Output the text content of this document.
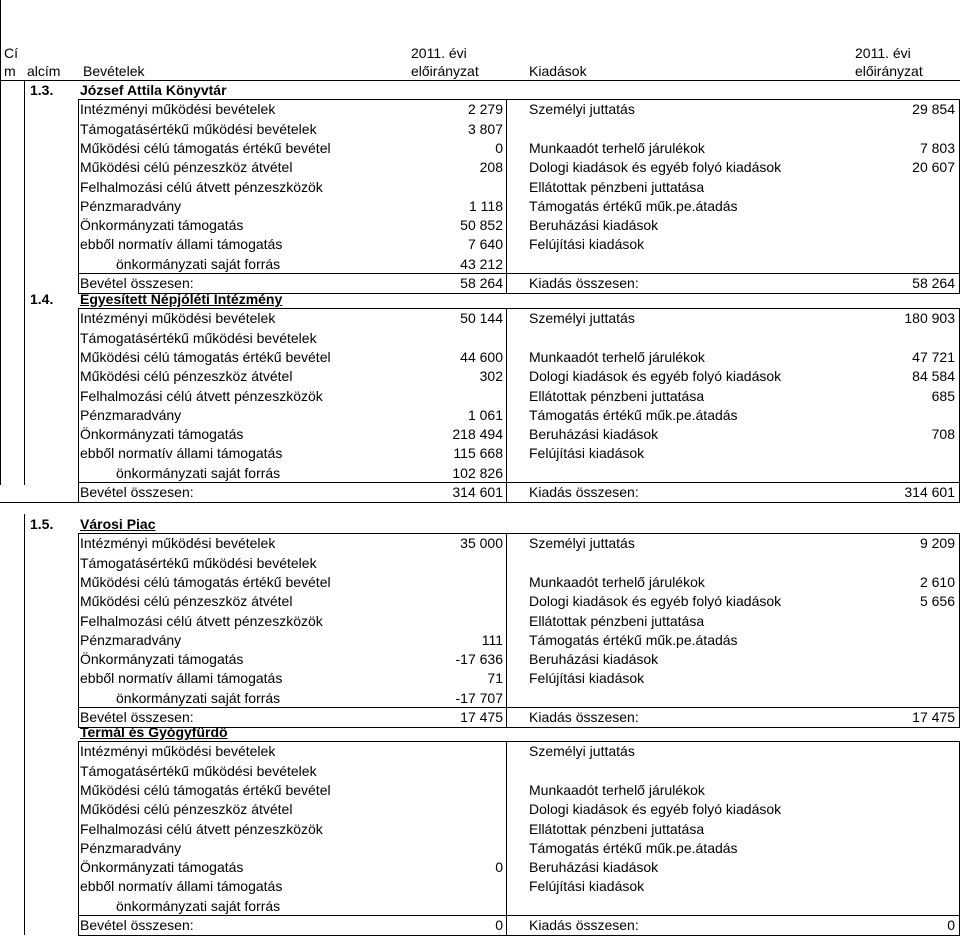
Cí
m alcím Bevételek
2011. évi
előirányzat	Kiadások
2011. évi
előirányzat
1.3. József Attila Könyvtár
Intézményi működési bevételek	2 279 Személyi juttatás	29 854
Támogatásértékű működési bevételek	3 807
Működési célú támogatás értékű bevétel	0 Munkaadót terhelő járulékok	7 803
Működési célú pénzeszköz átvétel	208 Dologi kiadások és egyéb folyó kiadások	20 607
Felhalmozási célú átvett pénzeszközök	Ellátottak pénzbeni juttatása
Pénzmaradvány	1 118 Támogatás értékű műk.pe.átadás
Önkormányzati támogatás	50 852 Beruházási kiadások
ebből normatív állami támogatás	7 640 Felújítási kiadások
önkormányzati saját forrás	43 212
Bevétel összesen:	58 264 Kiadás összesen:	58 264
1.4. Egyesített Népjóléti Intézmény
Intézményi működési bevételek	50 144 Személyi juttatás	180 903
Támogatásértékű működési bevételek
Működési célú támogatás értékű bevétel	44 600 Munkaadót terhelő járulékok	47 721
Működési célú pénzeszköz átvétel	302 Dologi kiadások és egyéb folyó kiadások	84 584
Felhalmozási célú átvett pénzeszközök	Ellátottak pénzbeni juttatása	685
Pénzmaradvány	1 061 Támogatás értékű műk.pe.átadás
Önkormányzati támogatás	218 494 Beruházási kiadások	708
ebből normatív állami támogatás	115 668 Felújítási kiadások
önkormányzati saját forrás	102 826
Bevétel összesen:	314 601 Kiadás összesen:	314 601
1.5. Városi Piac
Intézményi működési bevételek	35 000 Személyi juttatás	9 209
Támogatásértékű működési bevételek
Működési célú támogatás értékű bevétel	Munkaadót terhelő járulékok	2 610
Működési célú pénzeszköz átvétel	Dologi kiadások és egyéb folyó kiadások	5 656
Felhalmozási célú átvett pénzeszközök	Ellátottak pénzbeni juttatása
Pénzmaradvány	111 Támogatás értékű műk.pe.átadás
Önkormányzati támogatás	-17 636 Beruházási kiadások
ebből normatív állami támogatás	71 Felújítási kiadások
önkormányzati saját forrás	-17 707
Bevétel összesen:	17 475 Kiadás összesen:	17 475
Termál és Gyógyfürdő
Intézményi működési bevételek	Személyi juttatás
Támogatásértékű működési bevételek
Működési célú támogatás értékű bevétel	Munkaadót terhelő járulékok
Működési célú pénzeszköz átvétel	Dologi kiadások és egyéb folyó kiadások
Felhalmozási célú átvett pénzeszközök	Ellátottak pénzbeni juttatása
Pénzmaradvány	Támogatás értékű műk.pe.átadás
Önkormányzati támogatás	0 Beruházási kiadások
ebből normatív állami támogatás	Felújítási kiadások
önkormányzati saját forrás
Bevétel összesen:	0 Kiadás összesen:	0
